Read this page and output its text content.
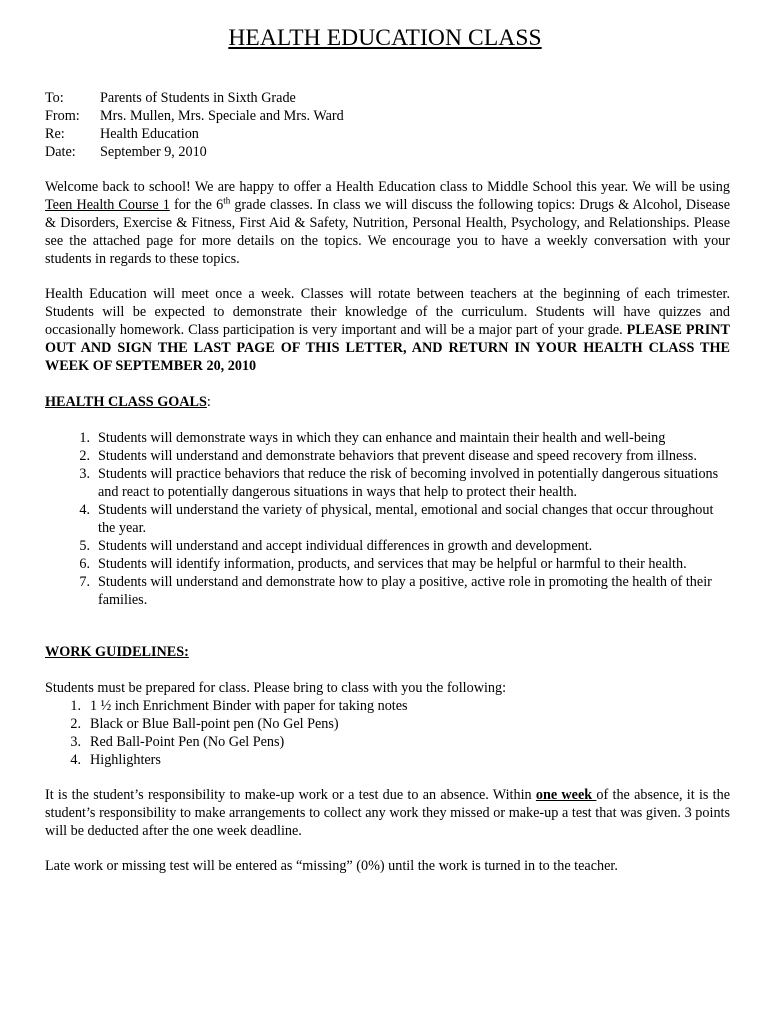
HEALTH EDUCATION CLASS
To:	Parents of Students in Sixth Grade
From:	Mrs. Mullen, Mrs. Speciale and Mrs. Ward
Re:	Health Education
Date:	September 9, 2010

Welcome back to school! We are happy to offer a Health Education class to Middle School this year. We will be using Teen Health Course 1 for the 6th grade classes. In class we will discuss the following topics: Drugs & Alcohol, Disease & Disorders, Exercise & Fitness, First Aid & Safety, Nutrition, Personal Health, Psychology, and Relationships. Please see the attached page for more details on the topics. We encourage you to have a weekly conversation with your students in regards to these topics.

Health Education will meet once a week. Classes will rotate between teachers at the beginning of each trimester. Students will be expected to demonstrate their knowledge of the curriculum. Students will have quizzes and occasionally homework. Class participation is very important and will be a major part of your grade. PLEASE PRINT OUT AND SIGN THE LAST PAGE OF THIS LETTER, AND RETURN IN YOUR HEALTH CLASS THE WEEK OF SEPTEMBER 20, 2010

HEALTH CLASS GOALS:
1. Students will demonstrate ways in which they can enhance and maintain their health and well-being
2. Students will understand and demonstrate behaviors that prevent disease and speed recovery from illness.
3. Students will practice behaviors that reduce the risk of becoming involved in potentially dangerous situations and react to potentially dangerous situations in ways that help to protect their health.
4. Students will understand the variety of physical, mental, emotional and social changes that occur throughout the year.
5. Students will understand and accept individual differences in growth and development.
6. Students will identify information, products, and services that may be helpful or harmful to their health.
7. Students will understand and demonstrate how to play a positive, active role in promoting the health of their families.
WORK GUIDELINES:
Students must be prepared for class. Please bring to class with you the following:
1. 1 ½ inch Enrichment Binder with paper for taking notes
2. Black or Blue Ball-point pen (No Gel Pens)
3. Red Ball-Point Pen (No Gel Pens)
4. Highlighters

It is the student’s responsibility to make-up work or a test due to an absence. Within one week of the absence, it is the student’s responsibility to make arrangements to collect any work they missed or make-up a test that was given. 3 points will be deducted after the one week deadline.

Late work or missing test will be entered as “missing” (0%) until the work is turned in to the teacher.
